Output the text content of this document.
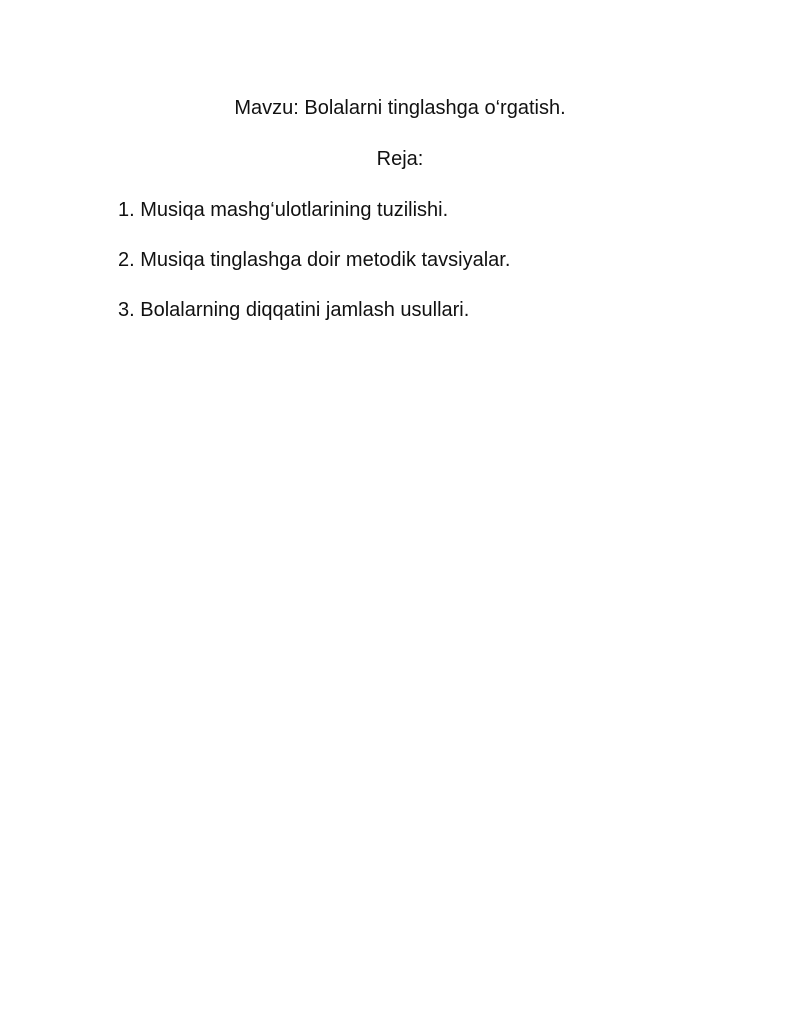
Mavzu: Bolalarni tinglashga o‘rgatish.
Reja:
1. Musiqa mashg‘ulotlarining tuzilishi.
2. Musiqa tinglashga doir metodik tavsiyalar.
3. Bolalarning diqqatini jamlash usullari.
